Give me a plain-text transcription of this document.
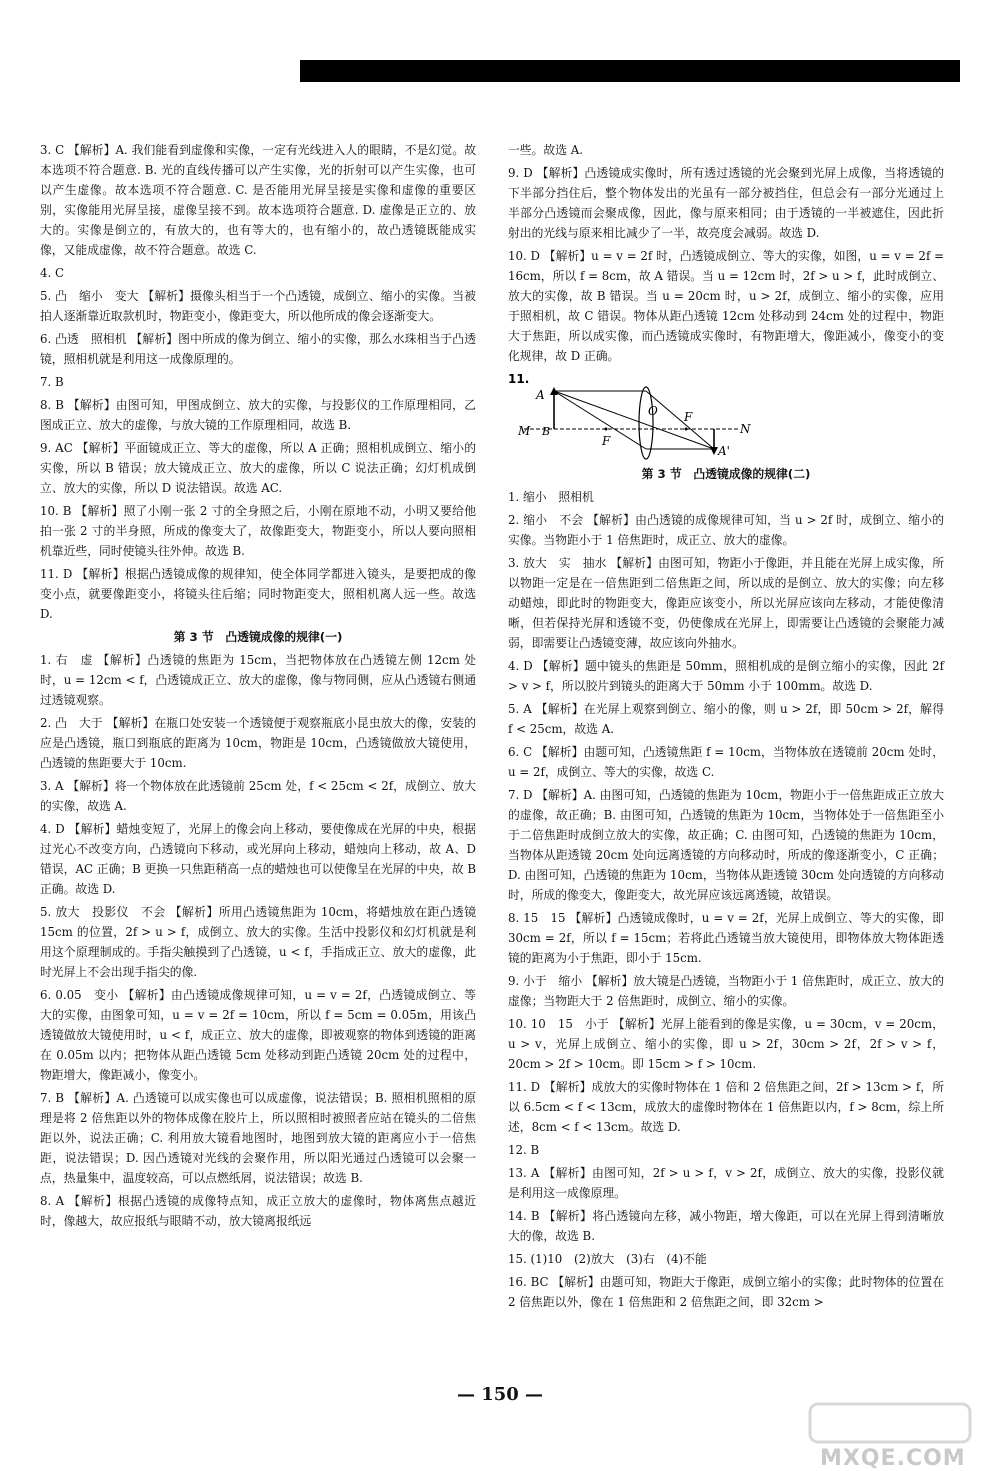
3. C 【解析】A. 我们能看到虚像和实像，一定有光线进入人的眼睛，不是幻觉。故本选项不符合题意. B. 光的直线传播可以产生实像，光的折射可以产生实像，也可以产生虚像。故本选项不符合题意. C. 是否能用光屏呈接是实像和虚像的重要区别，实像能用光屏呈接，虚像呈接不到。故本选项符合题意. D. 虚像是正立的、放大的。实像是倒立的，有放大的，也有等大的，也有缩小的，故凸透镜既能成实像，又能成虚像，故不符合题意。故选 C.
4. C
5. 凸　缩小　变大 【解析】摄像头相当于一个凸透镜，成倒立、缩小的实像。当被拍人逐渐靠近取款机时，物距变小，像距变大，所以他所成的像会逐渐变大。
6. 凸透　照相机 【解析】图中所成的像为倒立、缩小的实像，那么水珠相当于凸透镜，照相机就是利用这一成像原理的。
7. B
8. B 【解析】由图可知，甲图成倒立、放大的实像，与投影仪的工作原理相同，乙图成正立、放大的虚像，与放大镜的工作原理相同，故选 B.
9. AC 【解析】平面镜成正立、等大的虚像，所以 A 正确；照相机成倒立、缩小的实像，所以 B 错误；放大镜成正立、放大的虚像，所以 C 说法正确；幻灯机成倒立、放大的实像，所以 D 说法错误。故选 AC.
10. B 【解析】照了小刚一张 2 寸的全身照之后，小刚在原地不动，小明又要给他拍一张 2 寸的半身照，所成的像变大了，故像距变大，物距变小，所以人要向照相机靠近些，同时使镜头往外伸。故选 B.
11. D 【解析】根据凸透镜成像的规律知，使全体同学都进入镜头，是要把成的像变小点，就要像距变小，将镜头往后缩；同时物距变大，照相机离人远一些。故选 D.
第 3 节　凸透镜成像的规律(一)
1. 右　虚 【解析】凸透镜的焦距为 15cm，当把物体放在凸透镜左侧 12cm 处时，u = 12cm < f，凸透镜成正立、放大的虚像，像与物同侧，应从凸透镜右侧通过透镜观察。
2. 凸　大于 【解析】在瓶口处安装一个透镜便于观察瓶底小昆虫放大的像，安装的应是凸透镜，瓶口到瓶底的距离为 10cm，物距是 10cm，凸透镜做放大镜使用，凸透镜的焦距要大于 10cm.
3. A 【解析】将一个物体放在此透镜前 25cm 处，f < 25cm < 2f，成倒立、放大的实像，故选 A.
4. D 【解析】蜡烛变短了，光屏上的像会向上移动，要使像成在光屏的中央，根据过光心不改变方向，凸透镜向下移动，或光屏向上移动，蜡烛向上移动，故 A、D 错误，AC 正确；B 更换一只焦距稍高一点的蜡烛也可以使像呈在光屏的中央，故 B 正确。故选 D.
5. 放大　投影仪　不会 【解析】所用凸透镜焦距为 10cm，将蜡烛放在距凸透镜 15cm 的位置，2f > u > f，成倒立、放大的实像。生活中投影仪和幻灯机就是利用这个原理制成的。手指尖触摸到了凸透镜，u < f，手指成正立、放大的虚像，此时光屏上不会出现手指尖的像.
6. 0.05　变小 【解析】由凸透镜成像规律可知，u = v = 2f，凸透镜成倒立、等大的实像，由图象可知，u = v = 2f = 10cm，所以 f = 5cm = 0.05m，用该凸透镜做放大镜使用时，u < f，成正立、放大的虚像，即被观察的物体到透镜的距离在 0.05m 以内；把物体从距凸透镜 5cm 处移动到距凸透镜 20cm 处的过程中，物距增大，像距减小，像变小。
7. B 【解析】A. 凸透镜可以成实像也可以成虚像，说法错误；B. 照相机照相的原理是将 2 倍焦距以外的物体成像在胶片上，所以照相时被照者应站在镜头的二倍焦距以外，说法正确；C. 利用放大镜看地图时，地图到放大镜的距离应小于一倍焦距，说法错误；D. 因凸透镜对光线的会聚作用，所以阳光通过凸透镜可以会聚一点，热量集中，温度较高，可以点燃纸屑，说法错误；故选 B.
8. A 【解析】根据凸透镜的成像特点知，成正立放大的虚像时，物体离焦点越近时，像越大，故应报纸与眼睛不动，放大镜离报纸远
一些。故选 A.
9. D 【解析】凸透镜成实像时，所有透过透镜的光会聚到光屏上成像，当将透镜的下半部分挡住后，整个物体发出的光虽有一部分被挡住，但总会有一部分光通过上半部分凸透镜而会聚成像，因此，像与原来相同；由于透镜的一半被遮住，因此折射出的光线与原来相比减少了一半，故亮度会减弱。故选 D.
10. D 【解析】u = v = 2f 时，凸透镜成倒立、等大的实像，如图，u = v = 2f = 16cm，所以 f = 8cm，故 A 错误。当 u = 12cm 时，2f > u > f，此时成倒立、放大的实像，故 B 错误。当 u = 20cm 时，u > 2f，成倒立、缩小的实像，应用于照相机，故 C 错误。物体从距凸透镜 12cm 处移动到 24cm 处的过程中，物距大于焦距，所以成实像，而凸透镜成实像时，有物距增大，像距减小，像变小的变化规律，故 D 正确。
11.
A
B
M
F
O F
A'
N
第 3 节　凸透镜成像的规律(二)
1. 缩小　照相机
2. 缩小　不会 【解析】由凸透镜的成像规律可知，当 u > 2f 时，成倒立、缩小的实像。当物距小于 1 倍焦距时，成正立、放大的虚像。
3. 放大　实　抽水 【解析】由图可知，物距小于像距，并且能在光屏上成实像，所以物距一定是在一倍焦距到二倍焦距之间，所以成的是倒立、放大的实像；向左移动蜡烛，即此时的物距变大，像距应该变小，所以光屏应该向左移动，才能使像清晰，但若保持光屏和透镜不变，仍使像成在光屏上，即需要让凸透镜的会聚能力减弱，即需要让凸透镜变薄，故应该向外抽水。
4. D 【解析】题中镜头的焦距是 50mm，照相机成的是倒立缩小的实像，因此 2f > v > f，所以胶片到镜头的距离大于 50mm 小于 100mm。故选 D.
5. A 【解析】在光屏上观察到倒立、缩小的像，则 u > 2f，即 50cm > 2f，解得 f < 25cm，故选 A.
6. C 【解析】由题可知，凸透镜焦距 f = 10cm，当物体放在透镜前 20cm 处时，u = 2f，成倒立、等大的实像，故选 C.
7. D 【解析】A. 由图可知，凸透镜的焦距为 10cm，物距小于一倍焦距成正立放大的虚像，故正确；B. 由图可知，凸透镜的焦距为 10cm，当物体处于一倍焦距至小于二倍焦距时成倒立放大的实像，故正确；C. 由图可知，凸透镜的焦距为 10cm，当物体从距透镜 20cm 处向远离透镜的方向移动时，所成的像逐渐变小，C 正确；D. 由图可知，凸透镜的焦距为 10cm，当物体从距透镜 30cm 处向透镜的方向移动时，所成的像变大，像距变大，故光屏应该远离透镜，故错误。
8. 15　15 【解析】凸透镜成像时，u = v = 2f，光屏上成倒立、等大的实像，即 30cm = 2f，所以 f = 15cm；若将此凸透镜当放大镜使用，即物体放大物体距透镜的距离为小于焦距，即小于 15cm.
9. 小于　缩小 【解析】放大镜是凸透镜，当物距小于 1 倍焦距时，成正立、放大的虚像；当物距大于 2 倍焦距时，成倒立、缩小的实像。
10. 10　15　小于 【解析】光屏上能看到的像是实像，u = 30cm，v = 20cm，u > v，光屏上成倒立、缩小的实像，即 u > 2f，30cm > 2f，2f > v > f，20cm > 2f > 10cm。即 15cm > f > 10cm.
11. D 【解析】成放大的实像时物体在 1 倍和 2 倍焦距之间，2f > 13cm > f，所以 6.5cm < f < 13cm，成放大的虚像时物体在 1 倍焦距以内，f > 8cm，综上所述，8cm < f < 13cm。故选 D.
12. B
13. A 【解析】由图可知，2f > u > f，v > 2f，成倒立、放大的实像，投影仪就是利用这一成像原理。
14. B 【解析】将凸透镜向左移，减小物距，增大像距，可以在光屏上得到清晰放大的像，故选 B.
15. (1)10　(2)放大　(3)右　(4)不能
16. BC 【解析】由题可知，物距大于像距，成倒立缩小的实像；此时物体的位置在 2 倍焦距以外，像在 1 倍焦距和 2 倍焦距之间，即 32cm >
— 150 —
MXQE.COM
